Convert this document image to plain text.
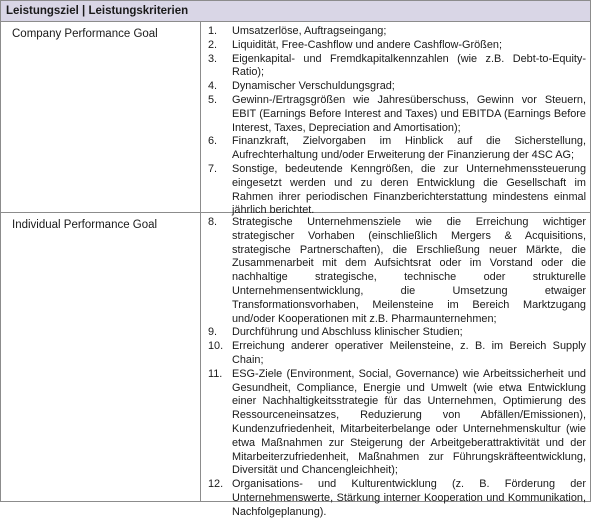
Leistungsziel | Leistungskriterien
Company Performance Goal	1. Umsatzerlöse, Auftragseingang;
2. Liquidität, Free-Cashflow und andere Cashflow-Größen;
3. Eigenkapital- und Fremdkapitalkennzahlen (wie z.B. Debt-to-Equity-Ratio);
4. Dynamischer Verschuldungsgrad;
5. Gewinn-/Ertragsgrößen wie Jahresüberschuss, Gewinn vor Steuern, EBIT (Earnings Before Interest and Taxes) und EBITDA (Earnings Before Interest, Taxes, Depreciation and Amortisation);
6. Finanzkraft, Zielvorgaben im Hinblick auf die Sicherstellung, Aufrechterhaltung und/oder Erweiterung der Finanzierung der 4SC AG;
7. Sonstige, bedeutende Kenngrößen, die zur Unternehmenssteuerung eingesetzt werden und zu deren Entwicklung die Gesellschaft im Rahmen ihrer periodischen Finanzberichterstattung mindestens einmal jährlich berichtet.
Individual Performance Goal	8. Strategische Unternehmensziele wie die Erreichung wichtiger strategischer Vorhaben (einschließlich Mergers & Acquisitions, strategische Partnerschaften), die Erschließung neuer Märkte, die Zusammenarbeit mit dem Aufsichtsrat oder im Vorstand oder die nachhaltige strategische, technische oder strukturelle Unternehmensentwicklung, die Umsetzung etwaiger Transformationsvorhaben, Meilensteine im Bereich Marktzugang und/oder Kooperationen mit z.B. Pharmaunternehmen;
9. Durchführung und Abschluss klinischer Studien;
10. Erreichung anderer operativer Meilensteine, z. B. im Bereich Supply Chain;
11. ESG-Ziele (Environment, Social, Governance) wie Arbeitssicherheit und Gesundheit, Compliance, Energie und Umwelt (wie etwa Entwicklung einer Nachhaltigkeitsstrategie für das Unternehmen, Optimierung des Ressourceneinsatzes, Reduzierung von Abfällen/Emissionen), Kundenzufriedenheit, Mitarbeiterbelange oder Unternehmenskultur (wie etwa Maßnahmen zur Steigerung der Arbeitgeberattraktivität und der Mitarbeiterzufriedenheit, Maßnahmen zur Führungskräfteentwicklung, Diversität und Chancengleichheit);
12. Organisations- und Kulturentwicklung (z. B. Förderung der Unternehmenswerte, Stärkung interner Kooperation und Kommunikation, Nachfolgeplanung).
